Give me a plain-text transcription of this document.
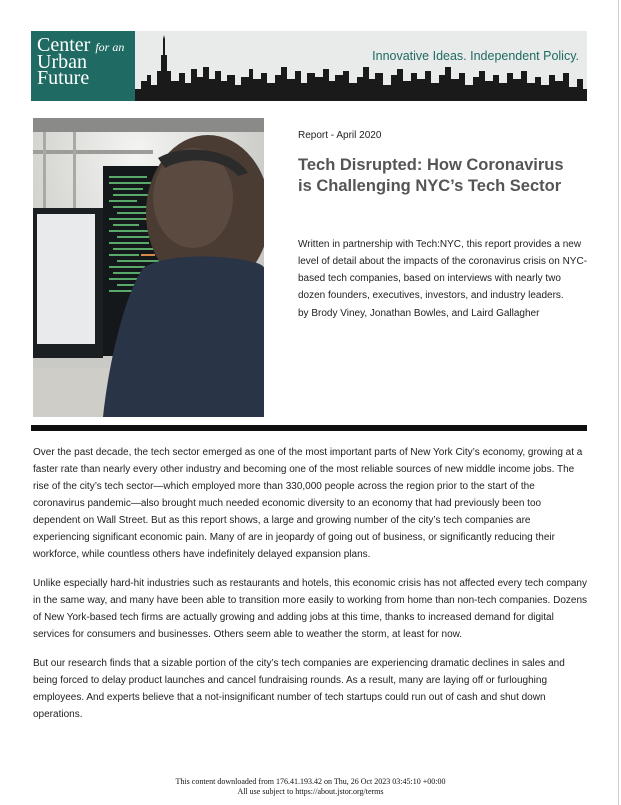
Center for an
Urban
Future
Innovative Ideas. Independent Policy.
Report - April 2020
Tech Disrupted: How Coronavirus is Challenging NYC’s Tech Sector

Written in partnership with Tech:NYC, this report provides a new level of detail about the impacts of the coronavirus crisis on NYC-based tech companies, based on interviews with nearly two dozen founders, executives, investors, and industry leaders.

by Brody Viney, Jonathan Bowles, and Laird Gallagher

Over the past decade, the tech sector emerged as one of the most important parts of New York City’s economy, growing at a faster rate than nearly every other industry and becoming one of the most reliable sources of new middle income jobs. The rise of the city’s tech sector—which employed more than 330,000 people across the region prior to the start of the coronavirus pandemic—also brought much needed economic diversity to an economy that had previously been too dependent on Wall Street. But as this report shows, a large and growing number of the city’s tech companies are experiencing significant economic pain. Many of are in jeopardy of going out of business, or significantly reducing their workforce, while countless others have indefinitely delayed expansion plans.

Unlike especially hard-hit industries such as restaurants and hotels, this economic crisis has not affected every tech company in the same way, and many have been able to transition more easily to working from home than non-tech companies. Dozens of New York-based tech firms are actually growing and adding jobs at this time, thanks to increased demand for digital services for consumers and businesses. Others seem able to weather the storm, at least for now.

But our research finds that a sizable portion of the city’s tech companies are experiencing dramatic declines in sales and being forced to delay product launches and cancel fundraising rounds. As a result, many are laying off or furloughing employees. And experts believe that a not-insignificant number of tech startups could run out of cash and shut down operations.

This content downloaded from 176.41.193.42 on Thu, 26 Oct 2023 03:45:10 +00:00
All use subject to https://about.jstor.org/terms
